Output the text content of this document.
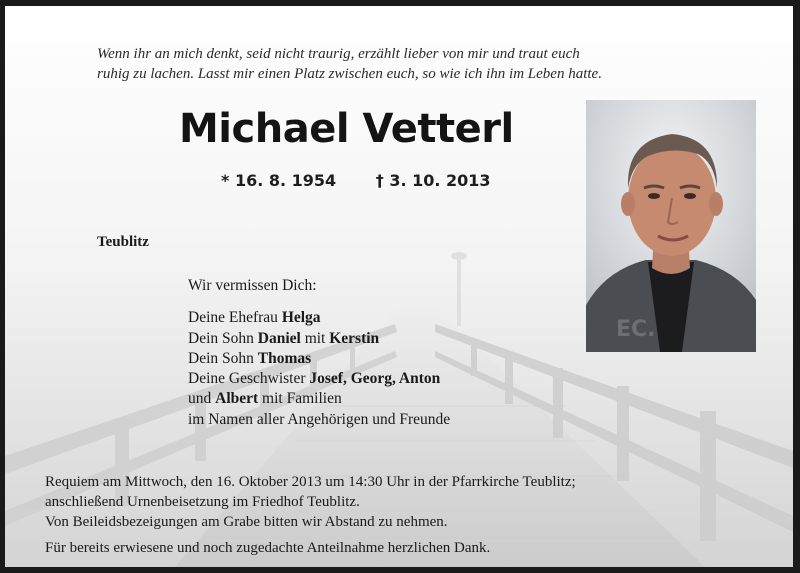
Wenn ihr an mich denkt, seid nicht traurig, erzählt lieber von mir und traut euch
ruhig zu lachen. Lasst mir einen Platz zwischen euch, so wie ich ihn im Leben hatte.
Michael Vetterl
* 16. 8. 1954 † 3. 10. 2013
EC.
Teublitz
Wir vermissen Dich:
Deine Ehefrau Helga
Dein Sohn Daniel mit Kerstin
Dein Sohn Thomas
Deine Geschwister Josef, Georg, Anton
und Albert mit Familien
im Namen aller Angehörigen und Freunde
Requiem am Mittwoch, den 16. Oktober 2013 um 14:30 Uhr in der Pfarrkirche Teublitz;
anschließend Urnenbeisetzung im Friedhof Teublitz.
Von Beileidsbezeigungen am Grabe bitten wir Abstand zu nehmen.
Für bereits erwiesene und noch zugedachte Anteilnahme herzlichen Dank.
